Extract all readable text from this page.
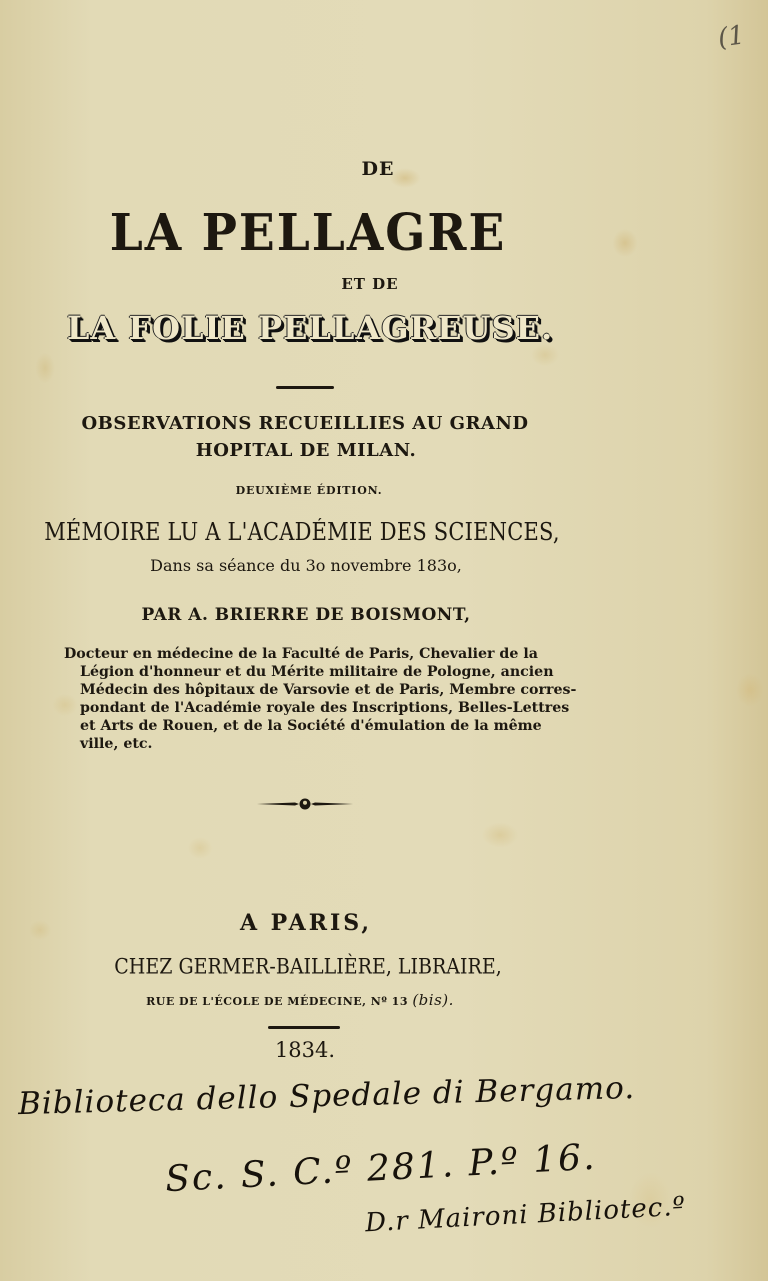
(1
DE
LA PELLAGRE
ET DE
LA FOLIE PELLAGREUSE.
OBSERVATIONS RECUEILLIES AU GRAND
HOPITAL DE MILAN.
DEUXIÈME ÉDITION.
MÉMOIRE LU A L'ACADÉMIE DES SCIENCES,
Dans sa séance du 3o novembre 183o,
PAR A. BRIERRE DE BOISMONT,
Docteur en médecine de la Faculté de Paris, Chevalier de la
Légion d'honneur et du Mérite militaire de Pologne, ancien
Médecin des hôpitaux de Varsovie et de Paris, Membre corres-
pondant de l'Académie royale des Inscriptions, Belles-Lettres
et Arts de Rouen, et de la Société d'émulation de la même
ville, etc.
A PARIS,
CHEZ GERMER-BAILLIÈRE, LIBRAIRE,
RUE DE L'ÉCOLE DE MÉDECINE, Nº 13 (bis).
1834.
Biblioteca dello Spedale di Bergamo.
Sc. S. C.º 281. P.º 16.
D.r Maironi Bibliotec.º
